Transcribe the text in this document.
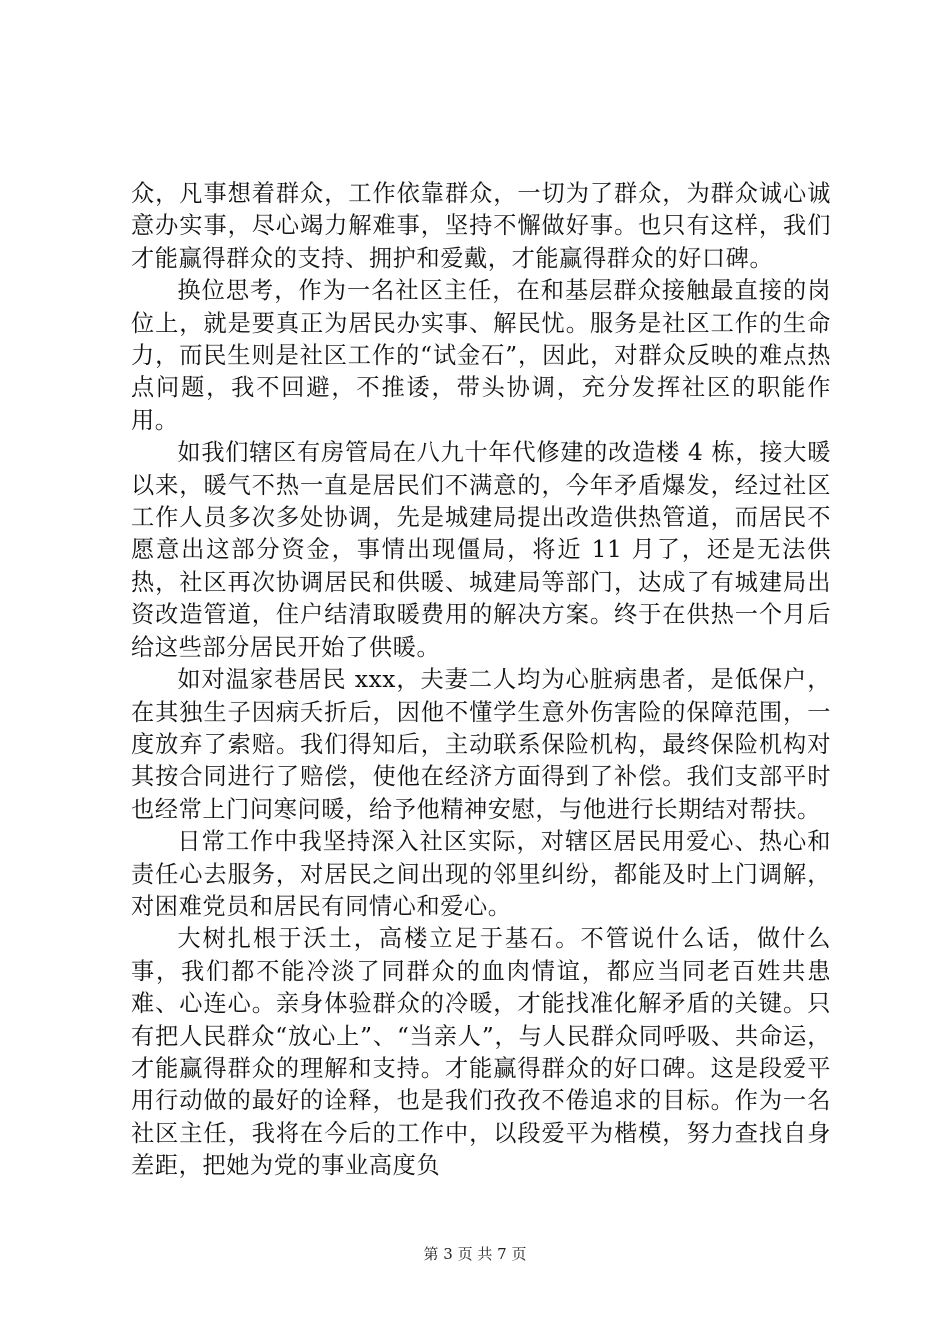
众，凡事想着群众，工作依靠群众，一切为了群众，为群众诚心诚意办实事，尽心竭力解难事，坚持不懈做好事。也只有这样，我们才能赢得群众的支持、拥护和爱戴，才能赢得群众的好口碑。

换位思考，作为一名社区主任，在和基层群众接触最直接的岗位上，就是要真正为居民办实事、解民忧。服务是社区工作的生命力，而民生则是社区工作的“试金石”，因此，对群众反映的难点热点问题，我不回避，不推诿，带头协调，充分发挥社区的职能作用。

如我们辖区有房管局在八九十年代修建的改造楼 4 栋，接大暖以来，暖气不热一直是居民们不满意的，今年矛盾爆发，经过社区工作人员多次多处协调，先是城建局提出改造供热管道，而居民不愿意出这部分资金，事情出现僵局，将近 11 月了，还是无法供热，社区再次协调居民和供暖、城建局等部门，达成了有城建局出资改造管道，住户结清取暖费用的解决方案。终于在供热一个月后给这些部分居民开始了供暖。

如对温家巷居民 xxx，夫妻二人均为心脏病患者，是低保户，在其独生子因病夭折后，因他不懂学生意外伤害险的保障范围，一度放弃了索赔。我们得知后，主动联系保险机构，最终保险机构对其按合同进行了赔偿，使他在经济方面得到了补偿。我们支部平时也经常上门问寒问暖，给予他精神安慰，与他进行长期结对帮扶。

日常工作中我坚持深入社区实际，对辖区居民用爱心、热心和责任心去服务，对居民之间出现的邻里纠纷，都能及时上门调解，对困难党员和居民有同情心和爱心。

大树扎根于沃土，高楼立足于基石。不管说什么话，做什么事，我们都不能冷淡了同群众的血肉情谊，都应当同老百姓共患难、心连心。亲身体验群众的冷暖，才能找准化解矛盾的关键。只有把人民群众“放心上”、“当亲人”，与人民群众同呼吸、共命运，才能赢得群众的理解和支持。才能赢得群众的好口碑。这是段爱平用行动做的最好的诠释，也是我们孜孜不倦追求的目标。作为一名社区主任，我将在今后的工作中，以段爱平为楷模，努力查找自身差距，把她为党的事业高度负

第 3 页 共 7 页
